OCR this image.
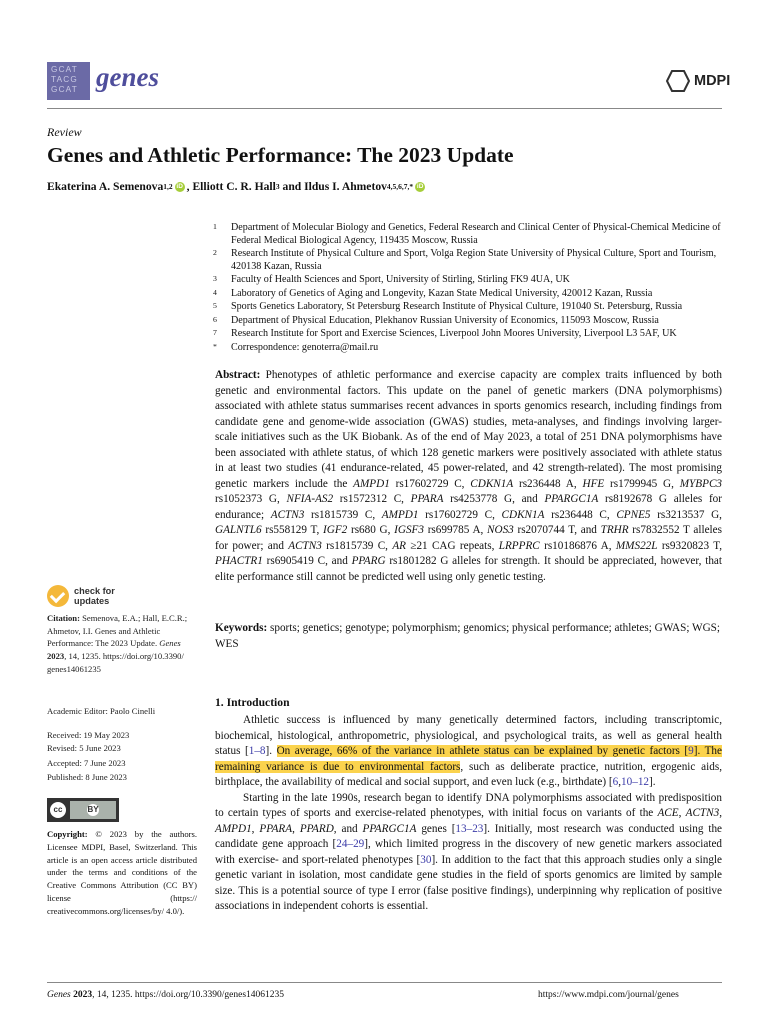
GCAT
TACG
GCAT genes	MDPI
Review
Genes and Athletic Performance: The 2023 Update
Ekaterina A. Semenova 1,2 iD ,
Elliott C. R. Hall 3 and
Ildus I. Ahmetov 4,5,6,7,* iD

1	Department of Molecular Biology and Genetics, Federal Research and Clinical Center of Physical-Chemical Medicine of Federal Medical Biological Agency, 119435 Moscow, Russia
2	Research Institute of Physical Culture and Sport, Volga Region State University of Physical Culture, Sport and Tourism, 420138 Kazan, Russia
3	Faculty of Health Sciences and Sport, University of Stirling, Stirling FK9 4UA, UK
4	Laboratory of Genetics of Aging and Longevity, Kazan State Medical University, 420012 Kazan, Russia
5	Sports Genetics Laboratory, St Petersburg Research Institute of Physical Culture, 191040 St. Petersburg, Russia
6	Department of Physical Education, Plekhanov Russian University of Economics, 115093 Moscow, Russia
7	Research Institute for Sport and Exercise Sciences, Liverpool John Moores University, Liverpool L3 5AF, UK
*	Correspondence: genoterra@mail.ru
Abstract: Phenotypes of athletic performance and exercise capacity are complex traits influenced by both genetic and environmental factors. This update on the panel of genetic markers (DNA polymorphisms) associated with athlete status summarises recent advances in sports genomics research, including findings from candidate gene and genome-wide association (GWAS) studies, meta-analyses, and findings involving larger-scale initiatives such as the UK Biobank. As of the end of May 2023, a total of 251 DNA polymorphisms have been associated with athlete status, of which 128 genetic markers were positively associated with athlete status in at least two studies (41 endurance-related, 45 power-related, and 42 strength-related). The most promising genetic markers include the AMPD1 rs17602729 C, CDKN1A rs236448 A, HFE rs1799945 G, MYBPC3 rs1052373 G, NFIA-AS2 rs1572312 C, PPARA rs4253778 G, and PPARGC1A rs8192678 G alleles for endurance; ACTN3 rs1815739 C, AMPD1 rs17602729 C, CDKN1A rs236448 C, CPNE5 rs3213537 G, GALNTL6 rs558129 T, IGF2 rs680 G, IGSF3 rs699785 A, NOS3 rs2070744 T, and TRHR rs7832552 T alleles for power; and ACTN3 rs1815739 C, AR ≥21 CAG repeats, LRPPRC rs10186876 A, MMS22L rs9320823 T, PHACTR1 rs6905419 C, and PPARG rs1801282 G alleles for strength. It should be appreciated, however, that elite performance still cannot be predicted well using only genetic testing.
Keywords: sports; genetics; genotype; polymorphism; genomics; physical performance; athletes; GWAS; WGS; WES
1. Introduction

Athletic success is influenced by many genetically determined factors, including transcriptomic, biochemical, histological, anthropometric, physiological, and psychological traits, as well as general health status [1–8]. On average, 66% of the variance in athlete status can be explained by genetic factors [9]. The remaining variance is due to environmental factors, such as deliberate practice, nutrition, ergogenic aids, birthplace, the availability of medical and social support, and even luck (e.g., birthdate) [6,10–12].

Starting in the late 1990s, research began to identify DNA polymorphisms associated with predisposition to certain types of sports and exercise-related phenotypes, with initial focus on variants of the ACE, ACTN3, AMPD1, PPARA, PPARD, and PPARGC1A genes [13–23]. Initially, most research was conducted using the candidate gene approach [24–29], which limited progress in the discovery of new genetic markers associated with exercise- and sport-related phenotypes [30]. In addition to the fact that this approach studies only a single genetic variant in isolation, most candidate gene studies in the field of sports genomics are limited by sample size. This is a potential source of type I error (false positive findings), underpinning why replication of positive associations in independent cohorts is essential.

check for
updates
Citation: Semenova, E.A.; Hall, E.C.R.; Ahmetov, I.I. Genes and Athletic Performance: The 2023 Update. Genes 2023, 14, 1235. https://doi.org/10.3390/ genes14061235
Academic Editor: Paolo Cinelli
Received: 19 May 2023
Revised: 5 June 2023
Accepted: 7 June 2023
Published: 8 June 2023
cc	BY
Copyright: © 2023 by the authors. Licensee MDPI, Basel, Switzerland. This article is an open access article distributed under the terms and conditions of the Creative Commons Attribution (CC BY) license (https:// creativecommons.org/licenses/by/ 4.0/).
Genes 2023, 14, 1235. https://doi.org/10.3390/genes14061235	https://www.mdpi.com/journal/genes
